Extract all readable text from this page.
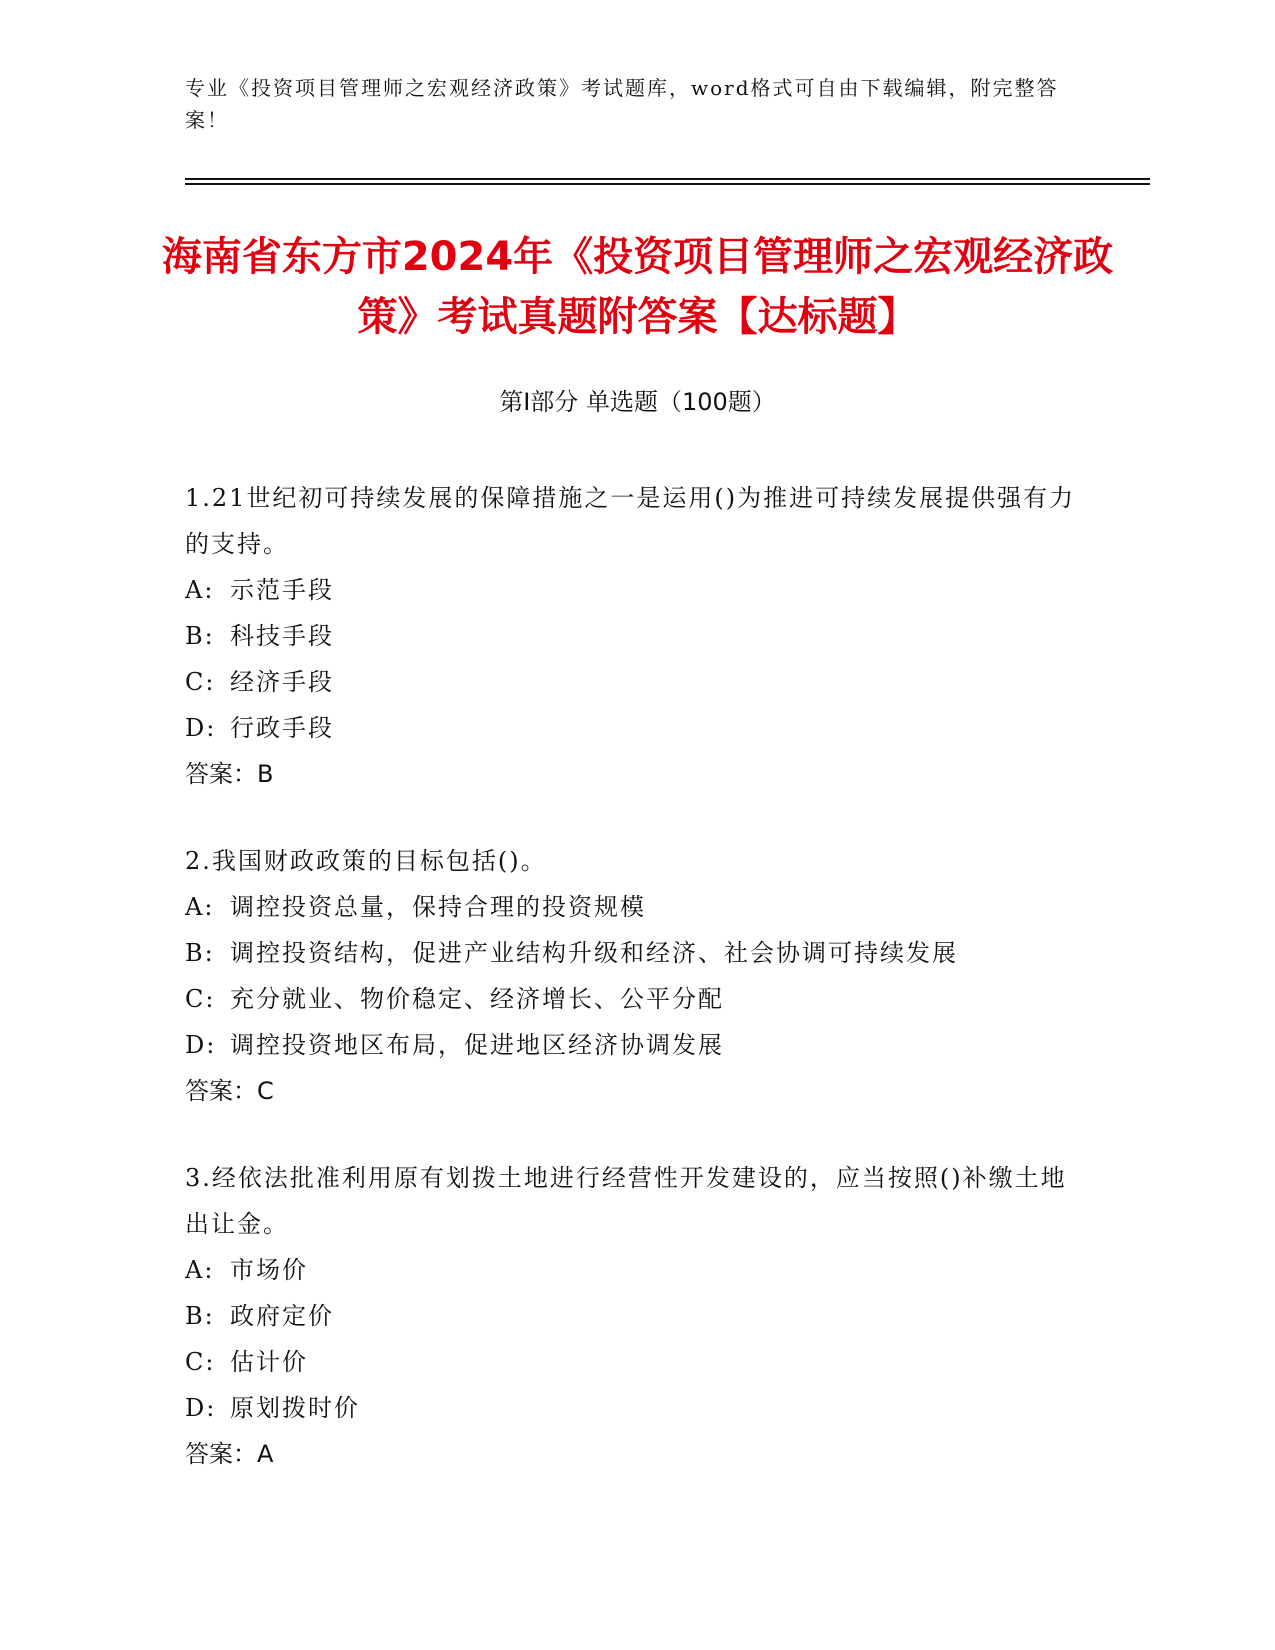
专业《投资项目管理师之宏观经济政策》考试题库，word格式可自由下载编辑，附完整答案！
海南省东方市2024年《投资项目管理师之宏观经济政策》考试真题附答案【达标题】
第Ⅰ部分 单选题（100题）
1.21世纪初可持续发展的保障措施之一是运用()为推进可持续发展提供强有力的支持。
A: 示范手段
B: 科技手段
C: 经济手段
D: 行政手段
答案：B
2.我国财政政策的目标包括()。
A: 调控投资总量，保持合理的投资规模
B: 调控投资结构，促进产业结构升级和经济、社会协调可持续发展
C: 充分就业、物价稳定、经济增长、公平分配
D: 调控投资地区布局，促进地区经济协调发展
答案：C
3.经依法批准利用原有划拨土地进行经营性开发建设的，应当按照()补缴土地出让金。
A: 市场价
B: 政府定价
C: 估计价
D: 原划拨时价
答案：A
